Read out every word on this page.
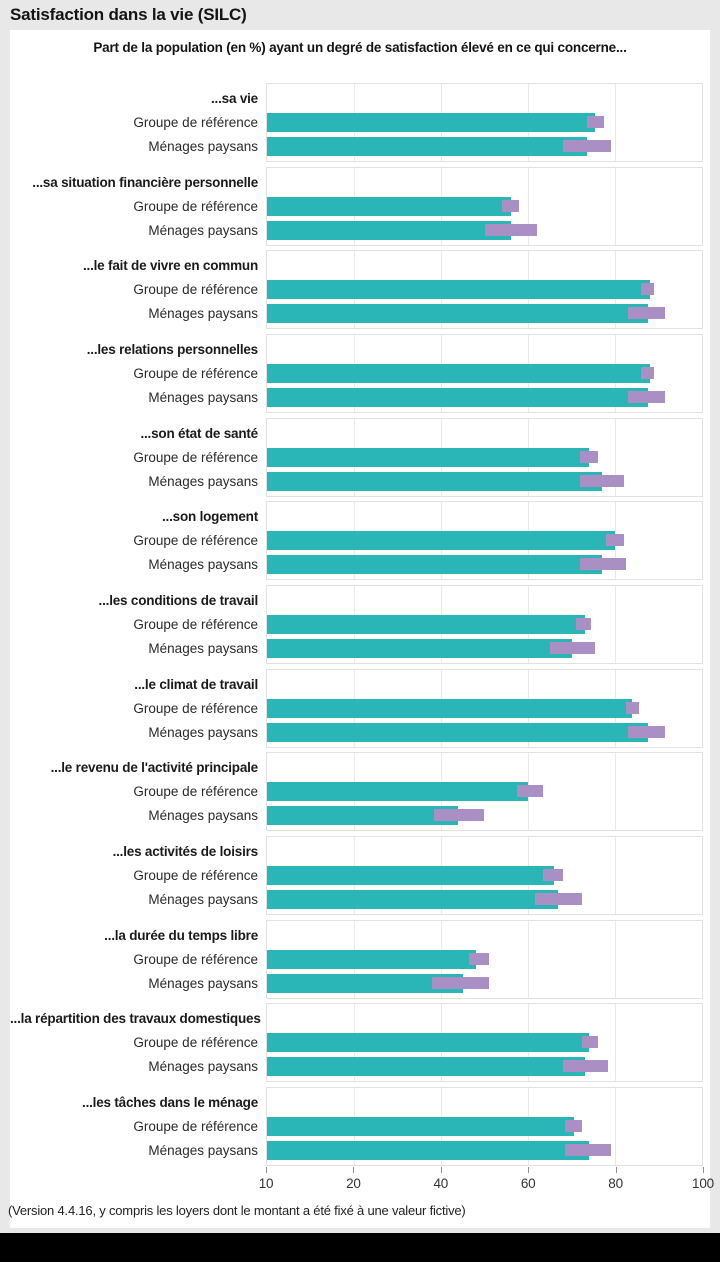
Satisfaction dans la vie (SILC)
Part de la population (en %) ayant un degré de satisfaction élevé en ce qui concerne...
...sa vie
Groupe de référence
Ménages paysans
...sa situation financière personnelle
Groupe de référence
Ménages paysans
...le fait de vivre en commun
Groupe de référence
Ménages paysans
...les relations personnelles
Groupe de référence
Ménages paysans
...son état de santé
Groupe de référence
Ménages paysans
...son logement
Groupe de référence
Ménages paysans
...les conditions de travail
Groupe de référence
Ménages paysans
...le climat de travail
Groupe de référence
Ménages paysans
...le revenu de l'activité principale
Groupe de référence
Ménages paysans
...les activités de loisirs
Groupe de référence
Ménages paysans
...la durée du temps libre
Groupe de référence
Ménages paysans
...la répartition des travaux domestiques
Groupe de référence
Ménages paysans
...les tâches dans le ménage
Groupe de référence
Ménages paysans
10	20	40	60	80	100
(Version 4.4.16, y compris les loyers dont le montant a été fixé à une valeur fictive)
